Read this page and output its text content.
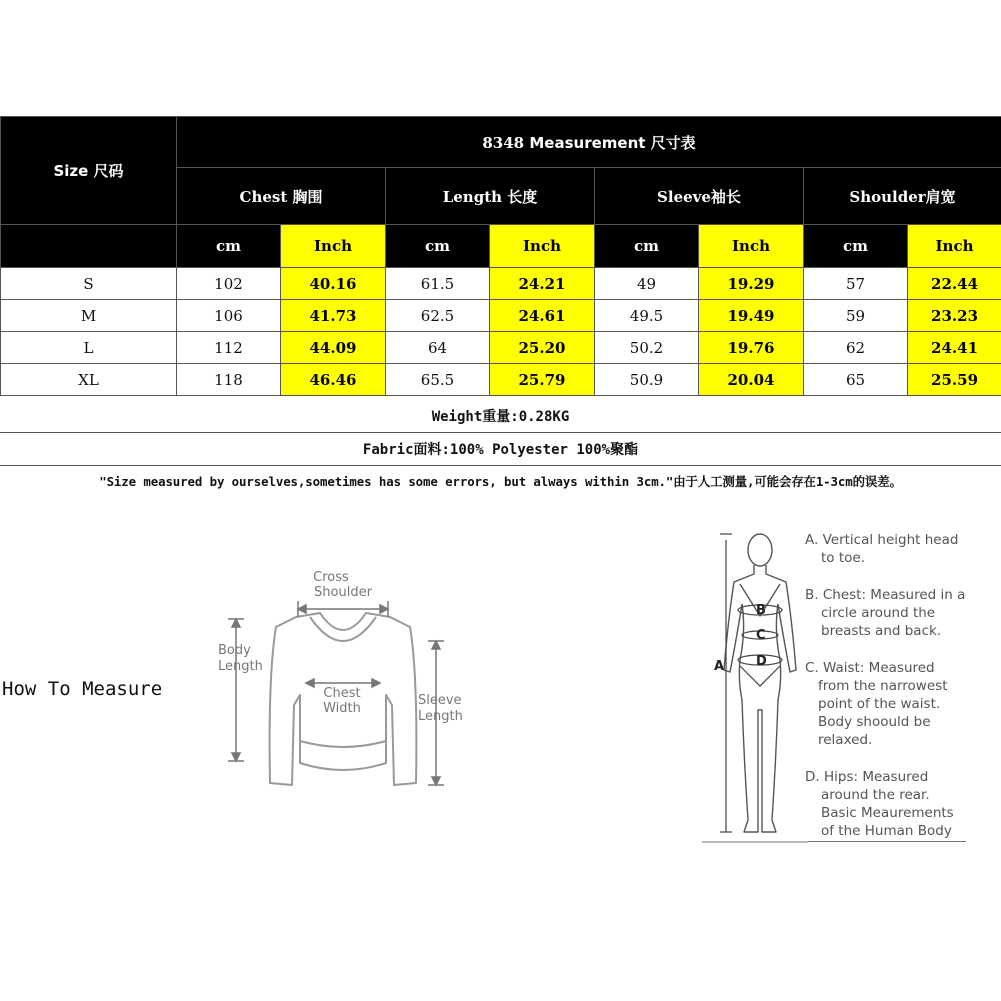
Size 尺码	8348 Measurement 尺寸表							
	Chest 胸围		Length 长度		Sleeve袖长		Shoulder肩宽	
	cm	Inch	cm	Inch	cm	Inch	cm	Inch
S	102	40.16	61.5	24.21	49	19.29	57	22.44
M	106	41.73	62.5	24.61	49.5	19.49	59	23.23
L	112	44.09	64	25.20	50.2	19.76	62	24.41
XL	118	46.46	65.5	25.79	50.9	20.04	65	25.59
Weight重量:0.28KG
Fabric面料:100% Polyester 100%聚酯
"Size measured by ourselves,sometimes has some errors, but always within 3cm."由于人工测量,可能会存在1-3cm的误差。
How To Measure
Cross
Shoulder
Body
Length
Chest
Width
Sleeve
Length
A
B
C
D
A. Vertical height head
to toe.
B. Chest: Measured in a
circle around the
breasts and back.
C. Waist: Measured
from the narrowest
point of the waist.
Body shoould be
relaxed.
D. Hips: Measured
around the rear.
Basic Meaurements
of the Human Body
